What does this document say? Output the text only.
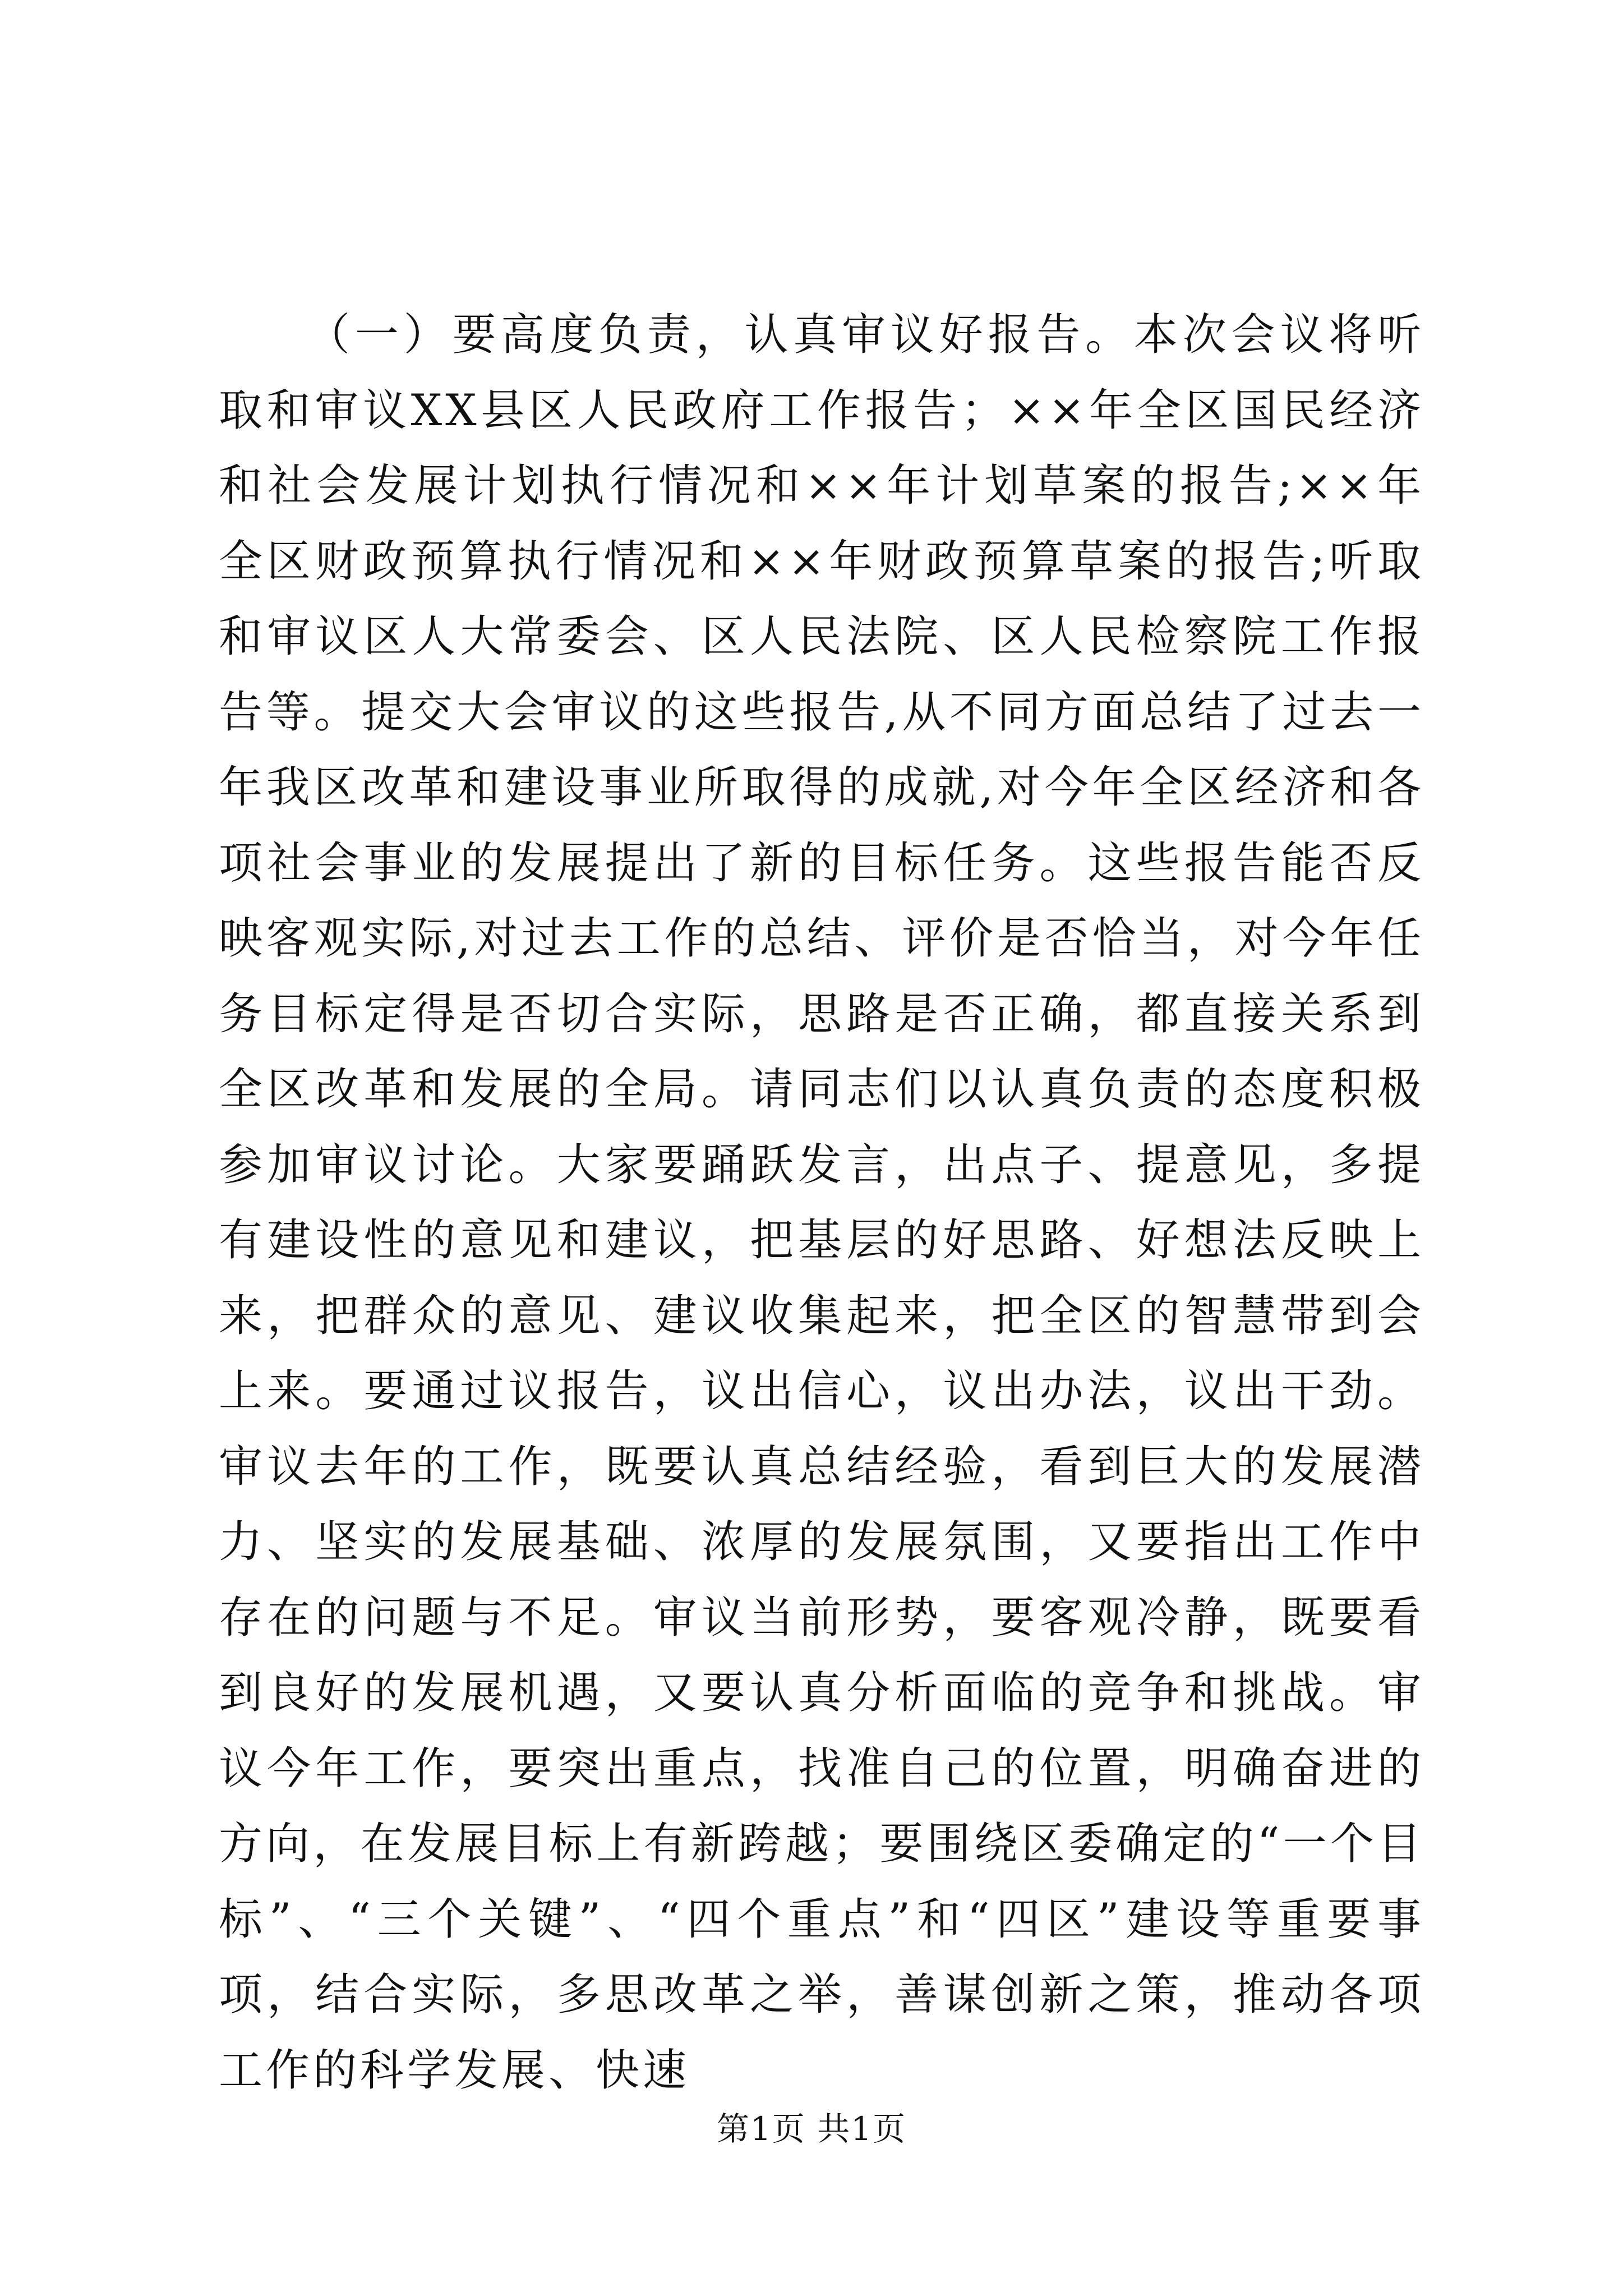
（一）要高度负责，认真审议好报告。本次会议将听取和审议XX县区人民政府工作报告；××年全区国民经济和社会发展计划执行情况和××年计划草案的报告;××年全区财政预算执行情况和××年财政预算草案的报告;听取和审议区人大常委会、区人民法院、区人民检察院工作报告等。提交大会审议的这些报告,从不同方面总结了过去一年我区改革和建设事业所取得的成就,对今年全区经济和各项社会事业的发展提出了新的目标任务。这些报告能否反映客观实际,对过去工作的总结、评价是否恰当，对今年任务目标定得是否切合实际，思路是否正确，都直接关系到全区改革和发展的全局。请同志们以认真负责的态度积极参加审议讨论。大家要踊跃发言，出点子、提意见，多提有建设性的意见和建议，把基层的好思路、好想法反映上来，把群众的意见、建议收集起来，把全区的智慧带到会上来。要通过议报告，议出信心，议出办法，议出干劲。审议去年的工作，既要认真总结经验，看到巨大的发展潜力、坚实的发展基础、浓厚的发展氛围，又要指出工作中存在的问题与不足。审议当前形势，要客观冷静，既要看到良好的发展机遇，又要认真分析面临的竞争和挑战。审议今年工作，要突出重点，找准自己的位置，明确奋进的方向，在发展目标上有新跨越；要围绕区委确定的“一个目标”、“三个关键”、“四个重点”和“四区”建设等重要事项，结合实际，多思改革之举，善谋创新之策，推动各项工作的科学发展、快速

第1页 共1页
